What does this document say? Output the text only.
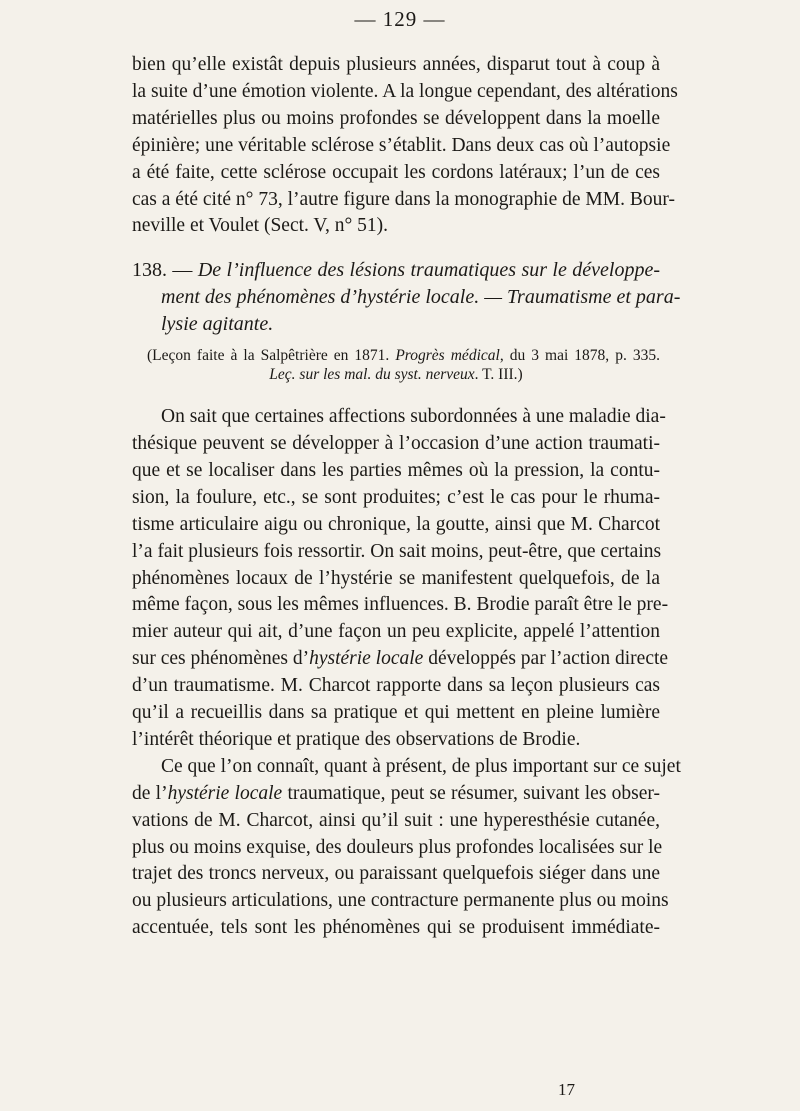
— 129 —
bien qu’elle existât depuis plusieurs années, disparut tout à coup à
la suite d’une émotion violente. A la longue cependant, des altérations
matérielles plus ou moins profondes se développent dans la moelle
épinière; une véritable sclérose s’établit. Dans deux cas où l’autopsie
a été faite, cette sclérose occupait les cordons latéraux; l’un de ces
cas a été cité n° 73, l’autre figure dans la monographie de MM. Bour-
neville et Voulet (Sect. V, n° 51).
138. — De l’influence des lésions traumatiques sur le développe-
ment des phénomènes d’hystérie locale. — Traumatisme et para-
lysie agitante.
(Leçon faite à la Salpêtrière en 1871. Progrès médical, du 3 mai 1878, p. 335.
Leç. sur les mal. du syst. nerveux. T. III.)
On sait que certaines affections subordonnées à une maladie dia-
thésique peuvent se développer à l’occasion d’une action traumati-
que et se localiser dans les parties mêmes où la pression, la contu-
sion, la foulure, etc., se sont produites; c’est le cas pour le rhuma-
tisme articulaire aigu ou chronique, la goutte, ainsi que M. Charcot
l’a fait plusieurs fois ressortir. On sait moins, peut-être, que certains
phénomènes locaux de l’hystérie se manifestent quelquefois, de la
même façon, sous les mêmes influences. B. Brodie paraît être le pre-
mier auteur qui ait, d’une façon un peu explicite, appelé l’attention
sur ces phénomènes d’hystérie locale développés par l’action directe
d’un traumatisme. M. Charcot rapporte dans sa leçon plusieurs cas
qu’il a recueillis dans sa pratique et qui mettent en pleine lumière
l’intérêt théorique et pratique des observations de Brodie.
Ce que l’on connaît, quant à présent, de plus important sur ce sujet
de l’hystérie locale traumatique, peut se résumer, suivant les obser-
vations de M. Charcot, ainsi qu’il suit : une hyperesthésie cutanée,
plus ou moins exquise, des douleurs plus profondes localisées sur le
trajet des troncs nerveux, ou paraissant quelquefois siéger dans une
ou plusieurs articulations, une contracture permanente plus ou moins
accentuée, tels sont les phénomènes qui se produisent immédiate-
17
